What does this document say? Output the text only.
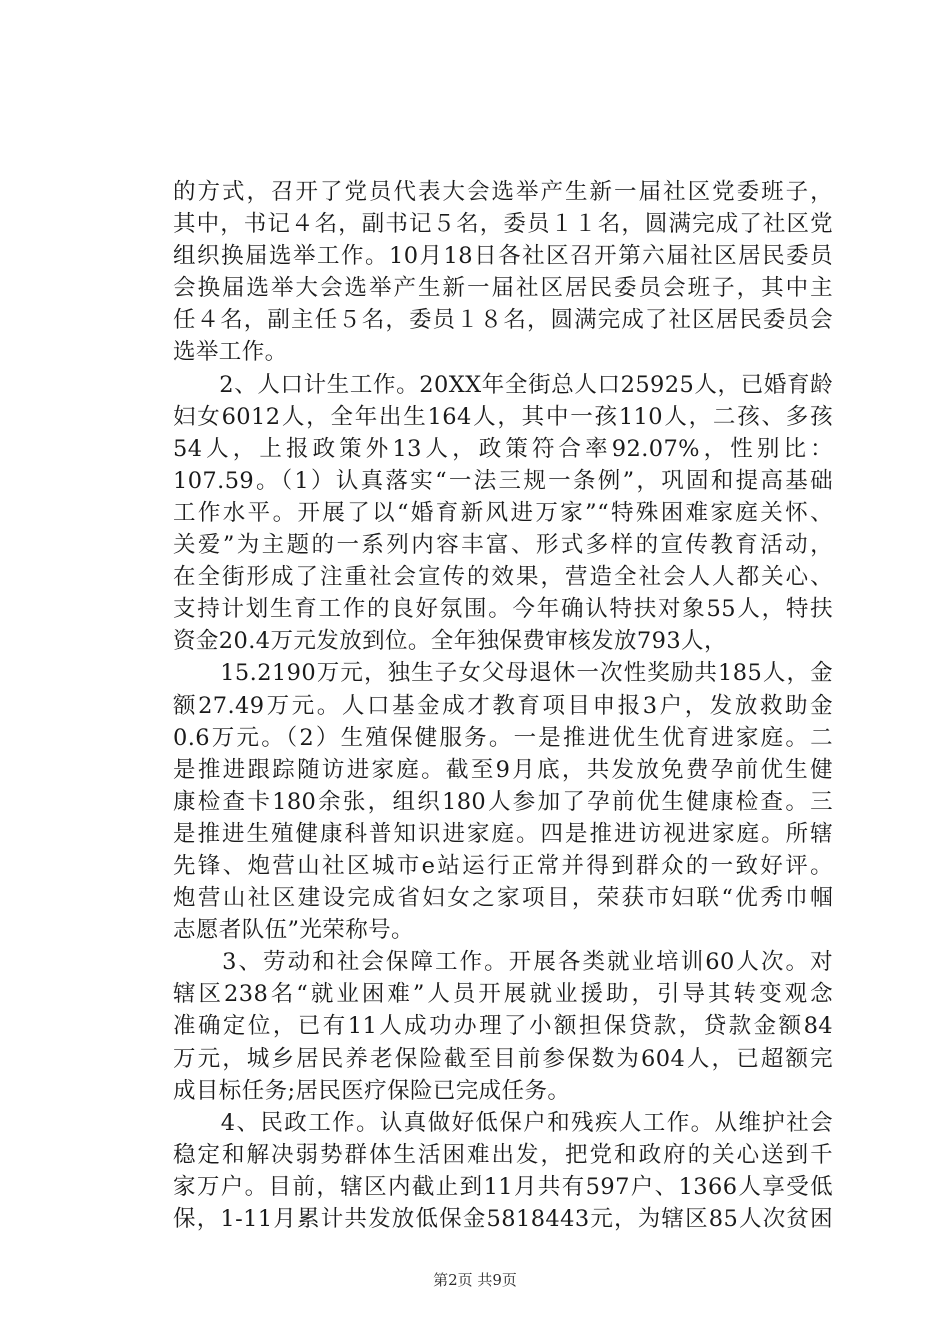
的方式，召开了党员代表大会选举产生新一届社区党委班子，
其中，书记４名，副书记５名，委员１１名，圆满完成了社区党
组织换届选举工作。10月18日各社区召开第六届社区居民委员
会换届选举大会选举产生新一届社区居民委员会班子，其中主
任４名，副主任５名，委员１８名，圆满完成了社区居民委员会
选举工作。
　　2、人口计生工作。20XX年全街总人口25925人，已婚育龄
妇女6012人，全年出生164人，其中一孩110人，二孩、多孩
54人，上报政策外13人，政策符合率92.07%，性别比：
107.59。（1）认真落实“一法三规一条例”，巩固和提高基础
工作水平。开展了以“婚育新风进万家”“特殊困难家庭关怀、
关爱”为主题的一系列内容丰富、形式多样的宣传教育活动，
在全街形成了注重社会宣传的效果，营造全社会人人都关心、
支持计划生育工作的良好氛围。今年确认特扶对象55人，特扶
资金20.4万元发放到位。全年独保费审核发放793人，
　　15.2190万元，独生子女父母退休一次性奖励共185人，金
额27.49万元。人口基金成才教育项目申报3户，发放救助金
0.6万元。（2）生殖保健服务。一是推进优生优育进家庭。二
是推进跟踪随访进家庭。截至9月底，共发放免费孕前优生健
康检查卡180余张，组织180人参加了孕前优生健康检查。三
是推进生殖健康科普知识进家庭。四是推进访视进家庭。所辖
先锋、炮营山社区城市e站运行正常并得到群众的一致好评。
炮营山社区建设完成省妇女之家项目，荣获市妇联“优秀巾帼
志愿者队伍”光荣称号。
　　3、劳动和社会保障工作。开展各类就业培训60人次。对
辖区238名“就业困难”人员开展就业援助，引导其转变观念
准确定位，已有11人成功办理了小额担保贷款，贷款金额84
万元，城乡居民养老保险截至目前参保数为604人，已超额完
成目标任务;居民医疗保险已完成任务。
　　4、民政工作。认真做好低保户和残疾人工作。从维护社会
稳定和解决弱势群体生活困难出发，把党和政府的关心送到千
家万户。目前，辖区内截止到11月共有597户、1366人享受低
保，1-11月累计共发放低保金5818443元，为辖区85人次贫困
第2页 共9页
